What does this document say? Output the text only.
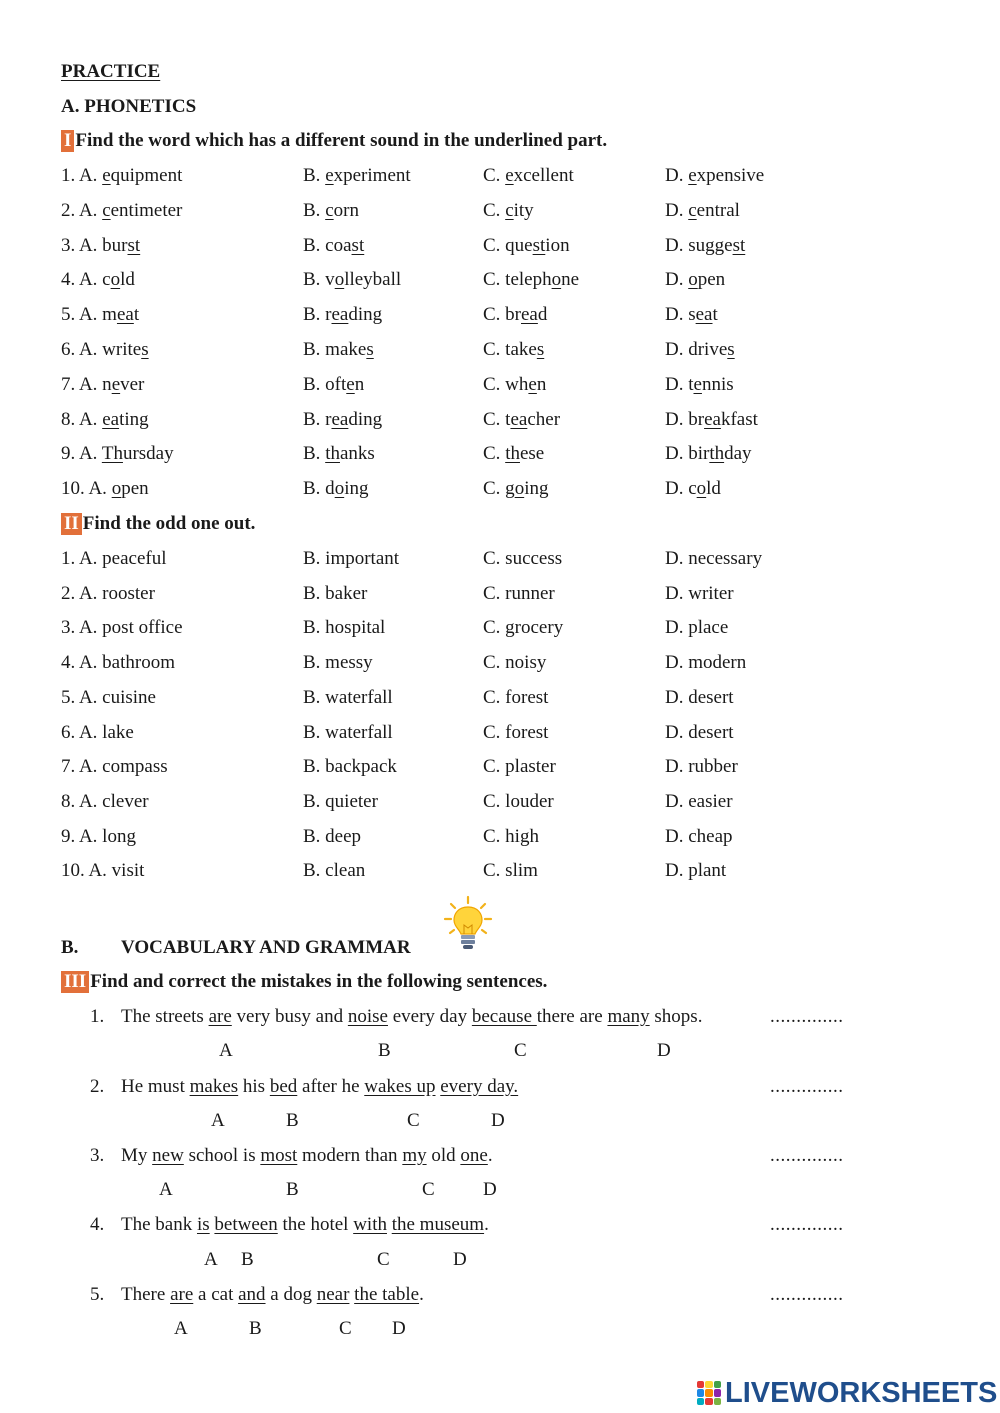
PRACTICE
A. PHONETICS
I Find the word which has a different sound in the underlined part.
1. A. equipment	B. experiment	C. excellent	D. expensive
2. A. centimeter	B. corn	C. city	D. central
3. A. burst	B. coast	C. question	D. suggest
4. A. cold	B. volleyball	C. telephone	D. open
5. A. meat	B. reading	C. bread	D. seat
6. A. writes	B. makes	C. takes	D. drives
7. A. never	B. often	C. when	D. tennis
8. A. eating	B. reading	C. teacher	D. breakfast
9. A. Thursday	B. thanks	C. these	D. birthday
10. A. open	B. doing	C. going	D. cold
II Find the odd one out.
1. A. peaceful	B. important	C. success	D. necessary
2. A. rooster	B. baker	C. runner	D. writer
3. A. post office	B. hospital	C. grocery	D. place
4. A. bathroom	B. messy	C. noisy	D. modern
5. A. cuisine	B. waterfall	C. forest	D. desert
6. A. lake	B. waterfall	C. forest	D. desert
7. A. compass	B. backpack	C. plaster	D. rubber
8. A. clever	B. quieter	C. louder	D. easier
9. A. long	B. deep	C. high	D. cheap
10. A. visit	B. clean	C. slim	D. plant
B. VOCABULARY AND GRAMMAR
III Find and correct the mistakes in the following sentences.
1. The streets are very busy and noise every day because there are many shops.	..............
A	B	C	D
2. He must makes his bed after he wakes up every day.	..............
A	B	C	D
3. My new school is most modern than my old one.	..............
A	B	C	D
4. The bank is between the hotel with the museum.	..............
A B	C	D
5. There are a cat and a dog near the table.	..............
A	B	C D
LIVEWORKSHEETS
